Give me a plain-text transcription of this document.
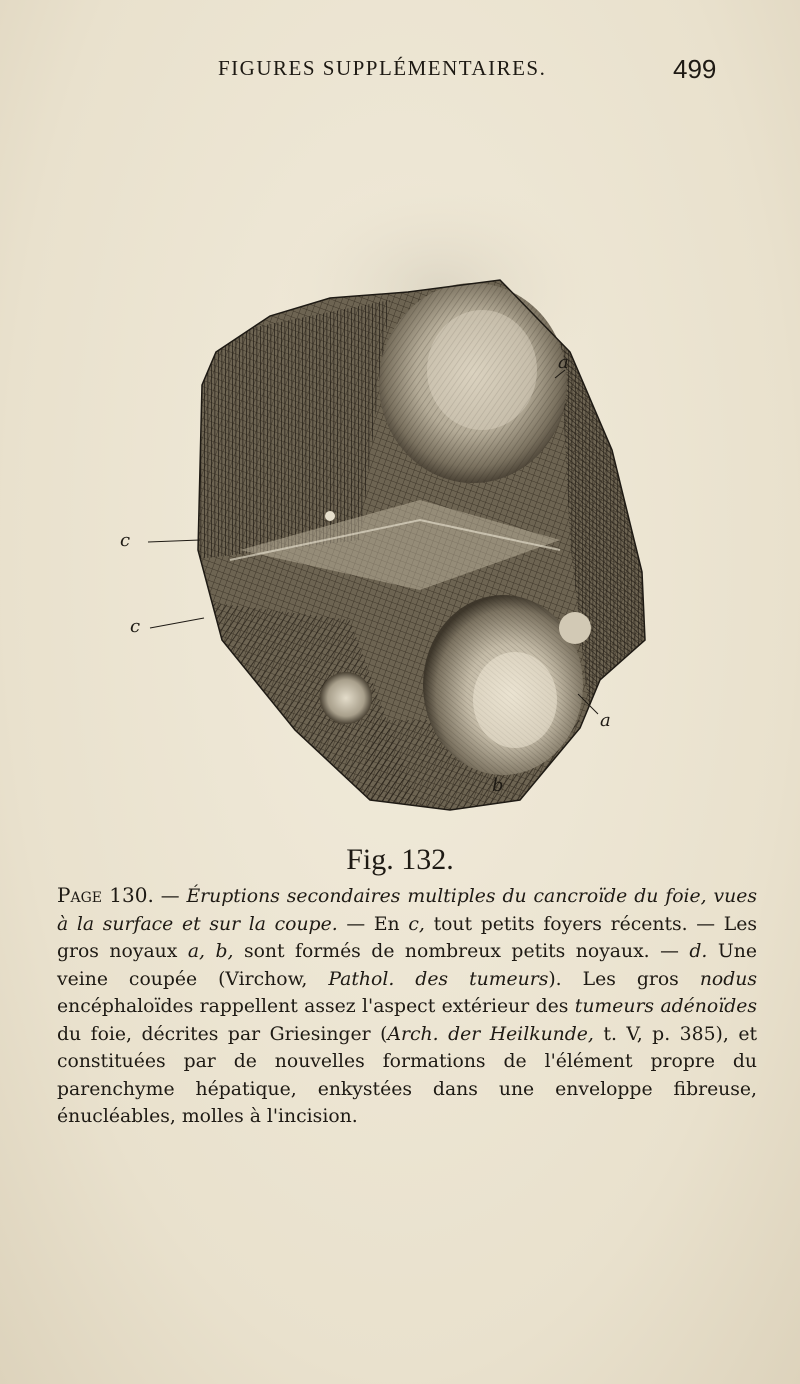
FIGURES SUPPLÉMENTAIRES.	499
a
c
c
a
b
Fig. 132.
Page 130. — Éruptions secondaires multiples du cancroïde du foie, vues à la surface et sur la coupe. — En c, tout petits foyers récents. — Les gros noyaux a, b, sont formés de nombreux petits noyaux. — d. Une veine coupée (Virchow, Pathol. des tumeurs). Les gros nodus encéphaloïdes rappellent assez l'aspect extérieur des tumeurs adénoïdes du foie, décrites par Griesinger (Arch. der Heilkunde, t. V, p. 385), et constituées par de nouvelles formations de l'élément propre du parenchyme hépatique, enkystées dans une enveloppe fibreuse, énucléables, molles à l'incision.
